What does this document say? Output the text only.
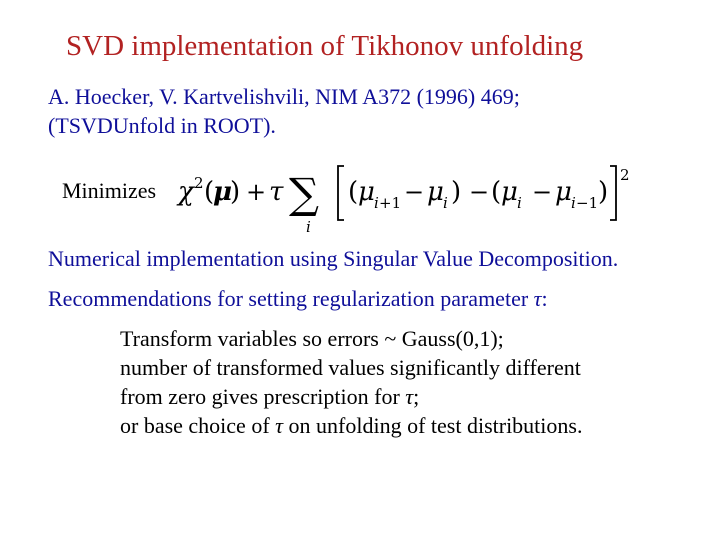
SVD implementation of Tikhonov unfolding
A. Hoecker, V. Kartvelishvili, NIM A372 (1996) 469;
(TSVDUnfold in ROOT).
Minimizes χ 2 (
μ
) + τ ∑
i
( μ i +1 − μ i ) − ( μ i − μ i −1 )
2
Numerical implementation using Singular Value Decomposition.
Recommendations for setting regularization parameter τ:
Transform variables so errors ~ Gauss(0,1);
number of transformed values significantly different
from zero gives prescription for τ;
or base choice of τ on unfolding of test distributions.
